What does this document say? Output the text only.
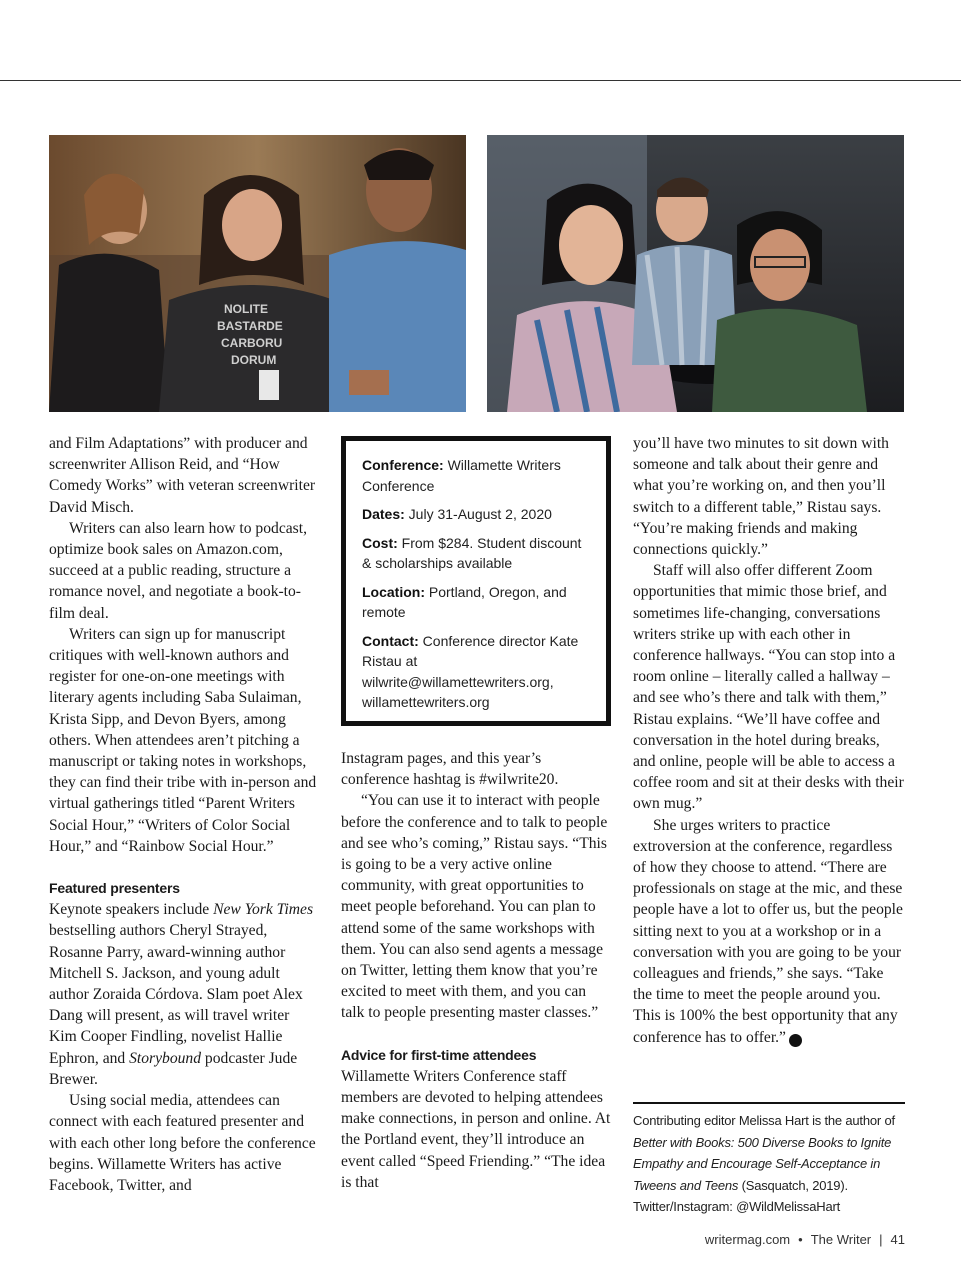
NOLITE
BASTARDE
CARBORU
DORUM

and Film Adaptations” with producer and screenwriter Allison Reid, and “How Comedy Works” with veteran screenwriter David Misch.

Writers can also learn how to podcast, optimize book sales on Amazon.com, succeed at a public reading, structure a romance novel, and negotiate a book-to-film deal.

Writers can sign up for manuscript critiques with well-known authors and register for one-on-one meetings with literary agents including Saba Sulaiman, Krista Sipp, and Devon Byers, among others. When attendees aren’t pitching a manuscript or taking notes in workshops, they can find their tribe with in-person and virtual gatherings titled “Parent Writers Social Hour,” “Writers of Color Social Hour,” and “Rainbow Social Hour.”

Featured presenters

Keynote speakers include New York Times bestselling authors Cheryl Strayed, Rosanne Parry, award-winning author Mitchell S. Jackson, and young adult author Zoraida Córdova. Slam poet Alex Dang will present, as will travel writer Kim Cooper Findling, novelist Hallie Ephron, and Storybound podcaster Jude Brewer.

Using social media, attendees can connect with each featured presenter and with each other long before the conference begins. Willamette Writers has active Facebook, Twitter, and

Conference: Willamette Writers Conference
Dates: July 31-August 2, 2020
Cost: From $284. Student discount & scholarships available
Location: Portland, Oregon, and remote
Contact: Conference director Kate Ristau at wilwrite@willamettewriters.org, willamettewriters.org

Instagram pages, and this year’s conference hashtag is #wilwrite20.

“You can use it to interact with people before the conference and to talk to people and see who’s coming,” Ristau says. “This is going to be a very active online community, with great opportunities to meet people beforehand. You can plan to attend some of the same workshops with them. You can also send agents a message on Twitter, letting them know that you’re excited to meet with them, and you can talk to people presenting master classes.”

Advice for first-time attendees

Willamette Writers Conference staff members are devoted to helping attendees make connections, in person and online. At the Portland event, they’ll introduce an event called “Speed Friending.” “The idea is that

you’ll have two minutes to sit down with someone and talk about their genre and what you’re working on, and then you’ll switch to a different table,” Ristau says. “You’re making friends and making connections quickly.”

Staff will also offer different Zoom opportunities that mimic those brief, and sometimes life-changing, conversations writers strike up with each other in conference hallways. “You can stop into a room online – literally called a hallway – and see who’s there and talk with them,” Ristau explains. “We’ll have coffee and conversation in the hotel during breaks, and online, people will be able to access a coffee room and sit at their desks with their own mug.”

She urges writers to practice extroversion at the conference, regardless of how they choose to attend. “There are professionals on stage at the mic, and these people have a lot to offer us, but the people sitting next to you at a workshop or in a conversation with you are going to be your colleagues and friends,” she says. “Take the time to meet the people around you. This is 100% the best opportunity that any conference has to offer.”	W

Contributing editor Melissa Hart is the author of Better with Books: 500 Diverse Books to Ignite Empathy and Encourage Self-Acceptance in Tweens and Teens (Sasquatch, 2019). Twitter/Instagram: @WildMelissaHart
writermag.com • The Writer | 41
